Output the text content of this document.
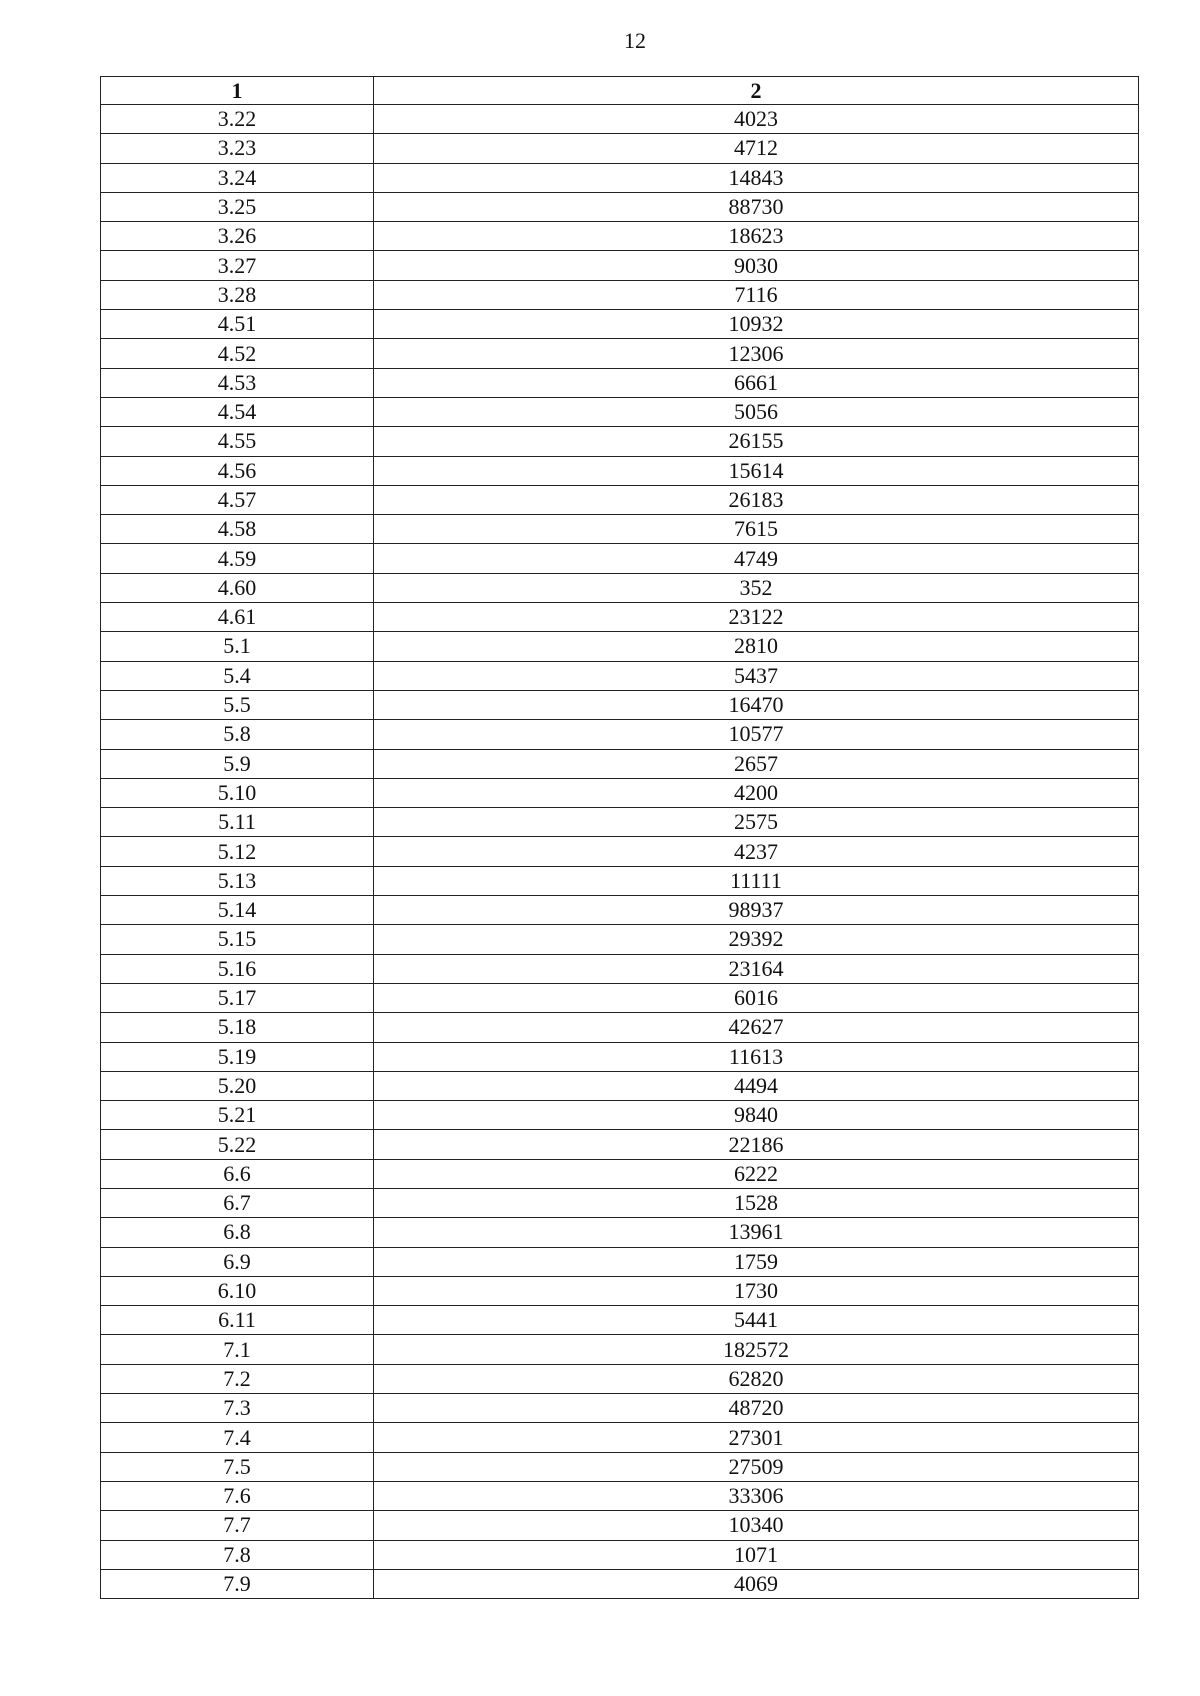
12
1	2
3.22	4023
3.23	4712
3.24	14843
3.25	88730
3.26	18623
3.27	9030
3.28	7116
4.51	10932
4.52	12306
4.53	6661
4.54	5056
4.55	26155
4.56	15614
4.57	26183
4.58	7615
4.59	4749
4.60	352
4.61	23122
5.1	2810
5.4	5437
5.5	16470
5.8	10577
5.9	2657
5.10	4200
5.11	2575
5.12	4237
5.13	11111
5.14	98937
5.15	29392
5.16	23164
5.17	6016
5.18	42627
5.19	11613
5.20	4494
5.21	9840
5.22	22186
6.6	6222
6.7	1528
6.8	13961
6.9	1759
6.10	1730
6.11	5441
7.1	182572
7.2	62820
7.3	48720
7.4	27301
7.5	27509
7.6	33306
7.7	10340
7.8	1071
7.9	4069
